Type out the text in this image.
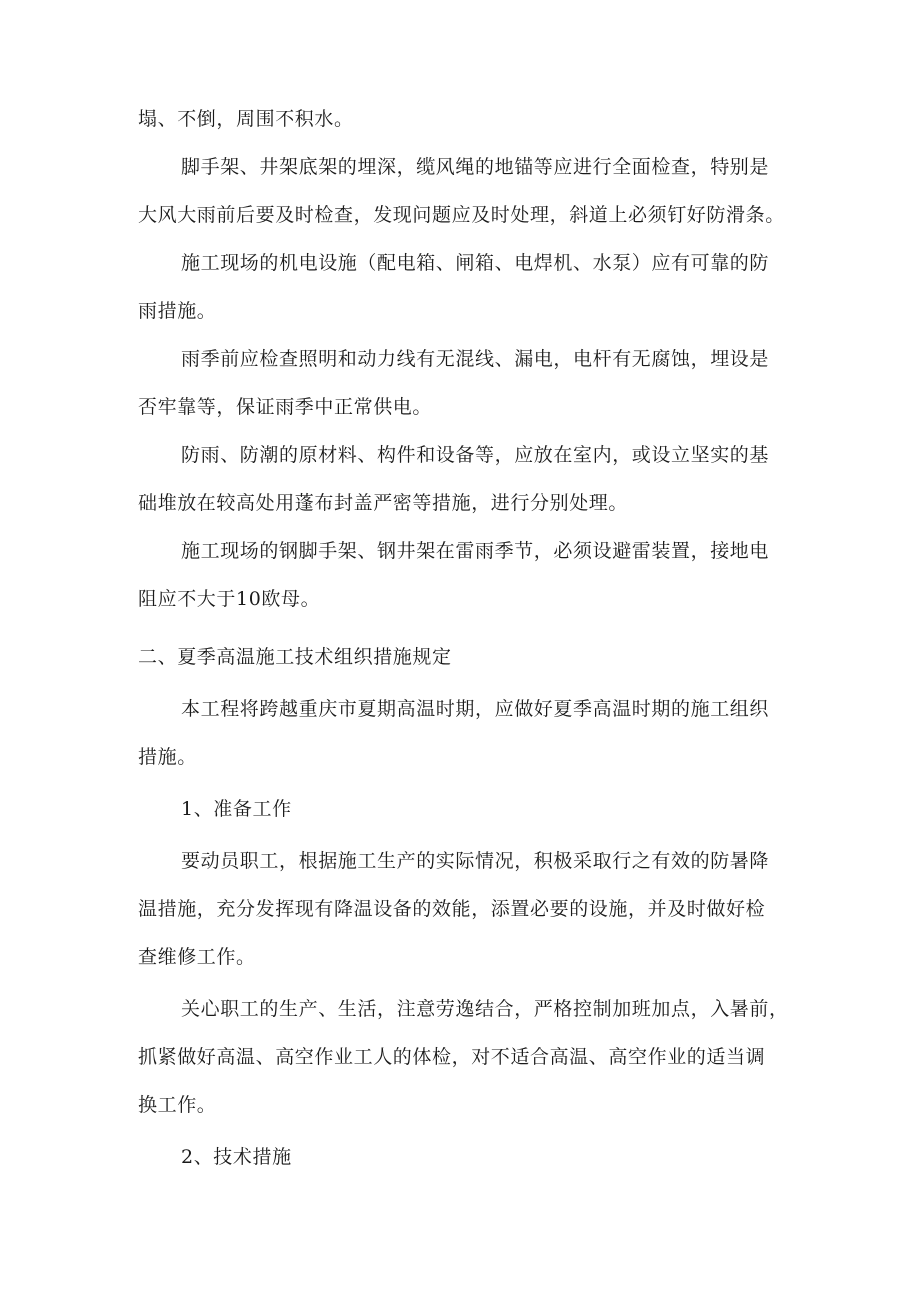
塌、不倒，周围不积水。
脚手架、井架底架的埋深，缆风绳的地锚等应进行全面检查，特别是
大风大雨前后要及时检查，发现问题应及时处理，斜道上必须钉好防滑条。
施工现场的机电设施（配电箱、闸箱、电焊机、水泵）应有可靠的防
雨措施。
雨季前应检查照明和动力线有无混线、漏电，电杆有无腐蚀，埋设是
否牢靠等，保证雨季中正常供电。
防雨、防潮的原材料、构件和设备等，应放在室内，或设立坚实的基
础堆放在较高处用蓬布封盖严密等措施，进行分别处理。
施工现场的钢脚手架、钢井架在雷雨季节，必须设避雷装置，接地电
阻应不大于10欧母。
二、夏季高温施工技术组织措施规定
本工程将跨越重庆市夏期高温时期，应做好夏季高温时期的施工组织
措施。
1、准备工作
要动员职工，根据施工生产的实际情况，积极采取行之有效的防暑降
温措施，充分发挥现有降温设备的效能，添置必要的设施，并及时做好检
查维修工作。
关心职工的生产、生活，注意劳逸结合，严格控制加班加点，入暑前，
抓紧做好高温、高空作业工人的体检，对不适合高温、高空作业的适当调
换工作。
2、技术措施
